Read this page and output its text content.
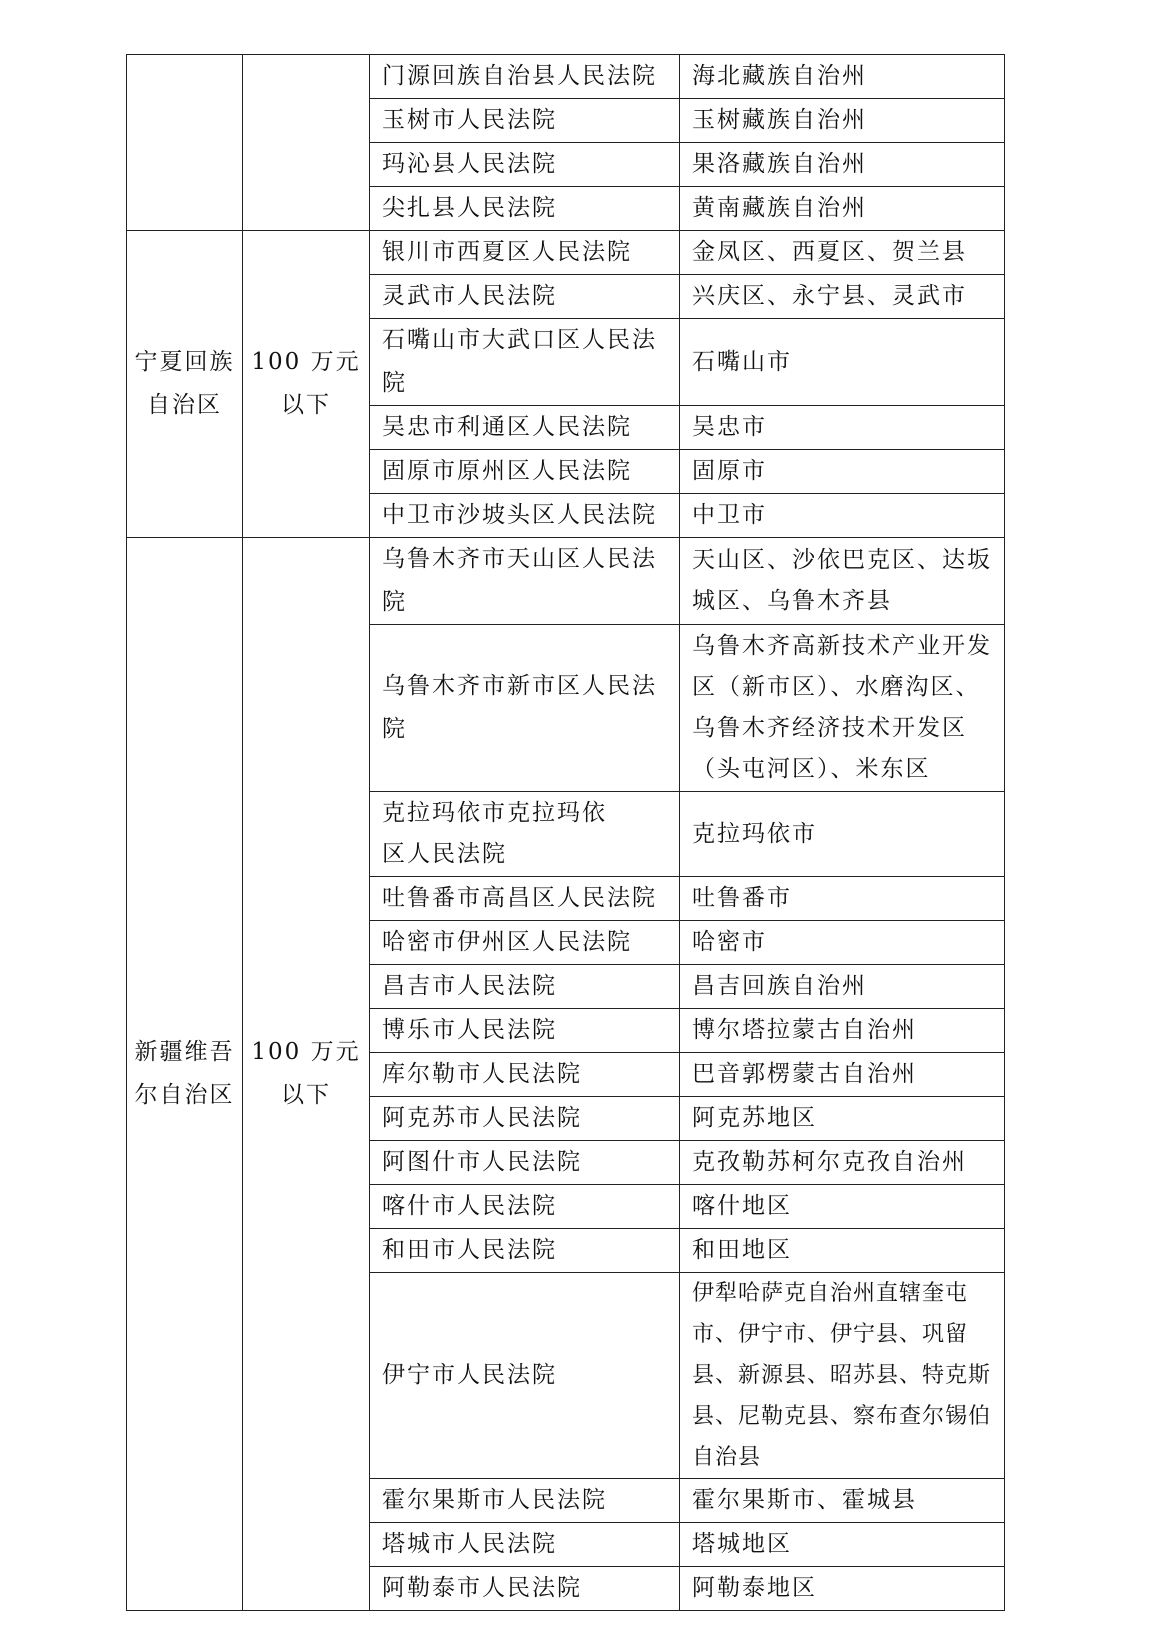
		门源回族自治县人民法院	海北藏族自治州
		玉树市人民法院	玉树藏族自治州
		玛沁县人民法院	果洛藏族自治州
		尖扎县人民法院	黄南藏族自治州

宁夏回族自治区	100 万元以下	银川市西夏区人民法院	金凤区、西夏区、贺兰县
		灵武市人民法院	兴庆区、永宁县、灵武市
		石嘴山市大武口区人民法院	石嘴山市
		吴忠市利通区人民法院	吴忠市
		固原市原州区人民法院	固原市
		中卫市沙坡头区人民法院	中卫市

新疆维吾尔自治区	100 万元以下	乌鲁木齐市天山区人民法院	天山区、沙依巴克区、达坂城区、乌鲁木齐县
		乌鲁木齐市新市区人民法院	乌鲁木齐高新技术产业开发区（新市区）、水磨沟区、乌鲁木齐经济技术开发区（头屯河区）、米东区

		克拉玛依市克拉玛依区人民法院	克拉玛依市
		吐鲁番市高昌区人民法院	吐鲁番市
		哈密市伊州区人民法院	哈密市
		昌吉市人民法院	昌吉回族自治州
		博乐市人民法院	博尔塔拉蒙古自治州
		库尔勒市人民法院	巴音郭楞蒙古自治州
		阿克苏市人民法院	阿克苏地区
		阿图什市人民法院	克孜勒苏柯尔克孜自治州
		喀什市人民法院	喀什地区
		和田市人民法院	和田地区
		伊宁市人民法院	伊犁哈萨克自治州直辖奎屯市、伊宁市、伊宁县、巩留县、新源县、昭苏县、特克斯县、尼勒克县、察布查尔锡伯自治县
		霍尔果斯市人民法院	霍尔果斯市、霍城县
		塔城市人民法院	塔城地区
		阿勒泰市人民法院	阿勒泰地区
